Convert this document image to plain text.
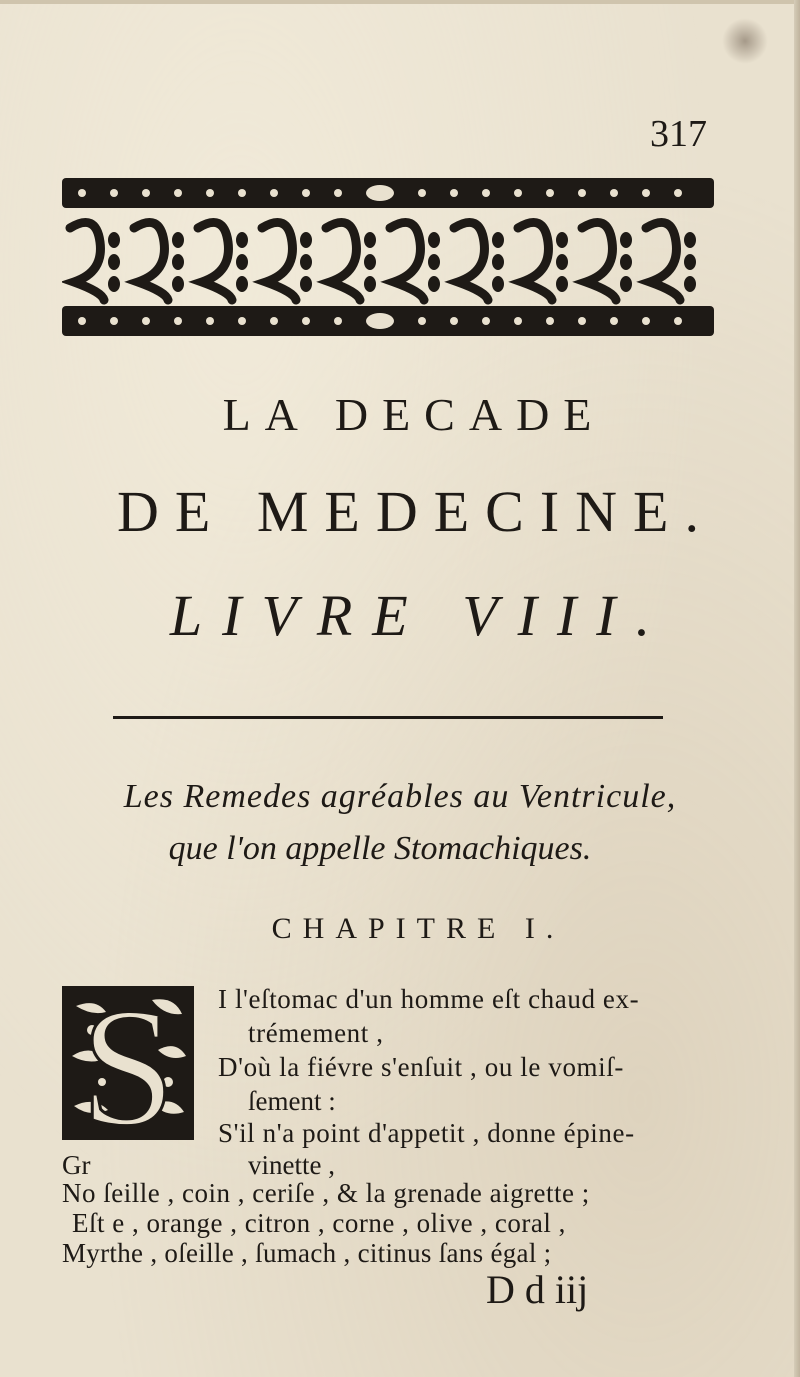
317
LA DECADE
DE MEDECINE.
LIVRE VIII.
Les Remedes agréables au Ventricule,
que l'on appelle Stomachiques.
CHAPITRE I.
S I l'eſtomac d'un homme eſt chaud ex-
trémement ,
D'où la fiévre s'enſuit , ou le vomiſ-
ſement :
S'il n'a point d'appetit , donne épine-
Gr	vinette ,
No ſeille , coin , ceriſe , & la grenade aigrette ;
Eſt e , orange , citron , corne , olive , coral ,
Myrthe , oſeille , ſumach , citinus ſans égal ;
D d iij
